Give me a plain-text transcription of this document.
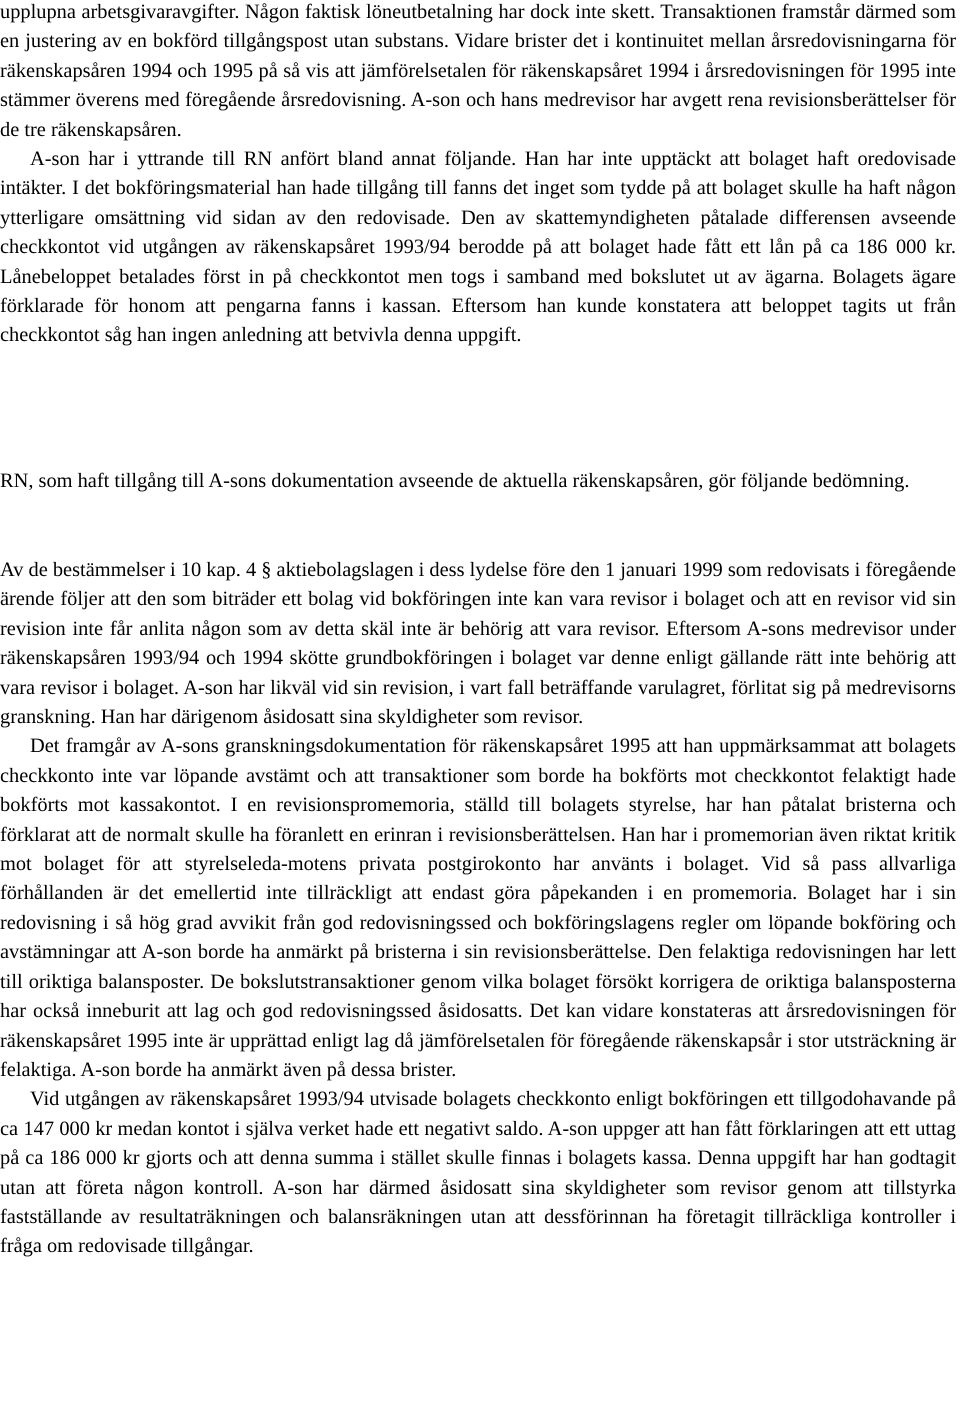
upplupna arbetsgivaravgifter. Någon faktisk löneutbetalning har dock inte skett. Transaktionen framstår därmed som en justering av en bokförd tillgångspost utan substans. Vidare brister det i kontinuitet mellan årsredovisningarna för räkenskapsåren 1994 och 1995 på så vis att jämförelsetalen för räkenskapsåret 1994 i årsredovisningen för 1995 inte stämmer överens med föregående årsredovisning. A-son och hans medrevisor har avgett rena revisionsberättelser för de tre räkenskapsåren.

A-son har i yttrande till RN anfört bland annat följande. Han har inte upptäckt att bolaget haft oredovisade intäkter. I det bokföringsmaterial han hade tillgång till fanns det inget som tydde på att bolaget skulle ha haft någon ytterligare omsättning vid sidan av den redovisade. Den av skattemyndigheten påtalade differensen avseende checkkontot vid utgången av räkenskapsåret 1993/94 berodde på att bolaget hade fått ett lån på ca 186 000 kr. Lånebeloppet betalades först in på checkkontot men togs i samband med bokslutet ut av ägarna. Bolagets ägare förklarade för honom att pengarna fanns i kassan. Eftersom han kunde konstatera att beloppet tagits ut från checkkontot såg han ingen anledning att betvivla denna uppgift.

RN, som haft tillgång till A-sons dokumentation avseende de aktuella räkenskapsåren, gör följande bedömning.

Av de bestämmelser i 10 kap. 4 § aktiebolagslagen i dess lydelse före den 1 januari 1999 som redovisats i föregående ärende följer att den som biträder ett bolag vid bokföringen inte kan vara revisor i bolaget och att en revisor vid sin revision inte får anlita någon som av detta skäl inte är behörig att vara revisor. Eftersom A-sons medrevisor under räkenskapsåren 1993/94 och 1994 skötte grundbokföringen i bolaget var denne enligt gällande rätt inte behörig att vara revisor i bolaget. A-son har likväl vid sin revision, i vart fall beträffande varulagret, förlitat sig på medrevisorns granskning. Han har därigenom åsidosatt sina skyldigheter som revisor.

Det framgår av A-sons granskningsdokumentation för räkenskapsåret 1995 att han uppmärksammat att bolagets checkkonto inte var löpande avstämt och att transaktioner som borde ha bokförts mot checkkontot felaktigt hade bokförts mot kassakontot. I en revisionspromemoria, ställd till bolagets styrelse, har han påtalat bristerna och förklarat att de normalt skulle ha föranlett en erinran i revisionsberättelsen. Han har i promemorian även riktat kritik mot bolaget för att styrelseleda-motens privata postgirokonto har använts i bolaget. Vid så pass allvarliga förhållanden är det emellertid inte tillräckligt att endast göra påpekanden i en promemoria. Bolaget har i sin redovisning i så hög grad avvikit från god redovisningssed och bokföringslagens regler om löpande bokföring och avstämningar att A-son borde ha anmärkt på bristerna i sin revisionsberättelse. Den felaktiga redovisningen har lett till oriktiga balansposter. De bokslutstransaktioner genom vilka bolaget försökt korrigera de oriktiga balansposterna har också inneburit att lag och god redovisningssed åsidosatts. Det kan vidare konstateras att årsredovisningen för räkenskapsåret 1995 inte är upprättad enligt lag då jämförelsetalen för föregående räkenskapsår i stor utsträckning är felaktiga. A-son borde ha anmärkt även på dessa brister.

Vid utgången av räkenskapsåret 1993/94 utvisade bolagets checkkonto enligt bokföringen ett tillgodohavande på ca 147 000 kr medan kontot i själva verket hade ett negativt saldo. A-son uppger att han fått förklaringen att ett uttag på ca 186 000 kr gjorts och att denna summa i stället skulle finnas i bolagets kassa. Denna uppgift har han godtagit utan att företa någon kontroll. A-son har därmed åsidosatt sina skyldigheter som revisor genom att tillstyrka fastställande av resultaträkningen och balansräkningen utan att dessförinnan ha företagit tillräckliga kontroller i fråga om redovisade tillgångar.
